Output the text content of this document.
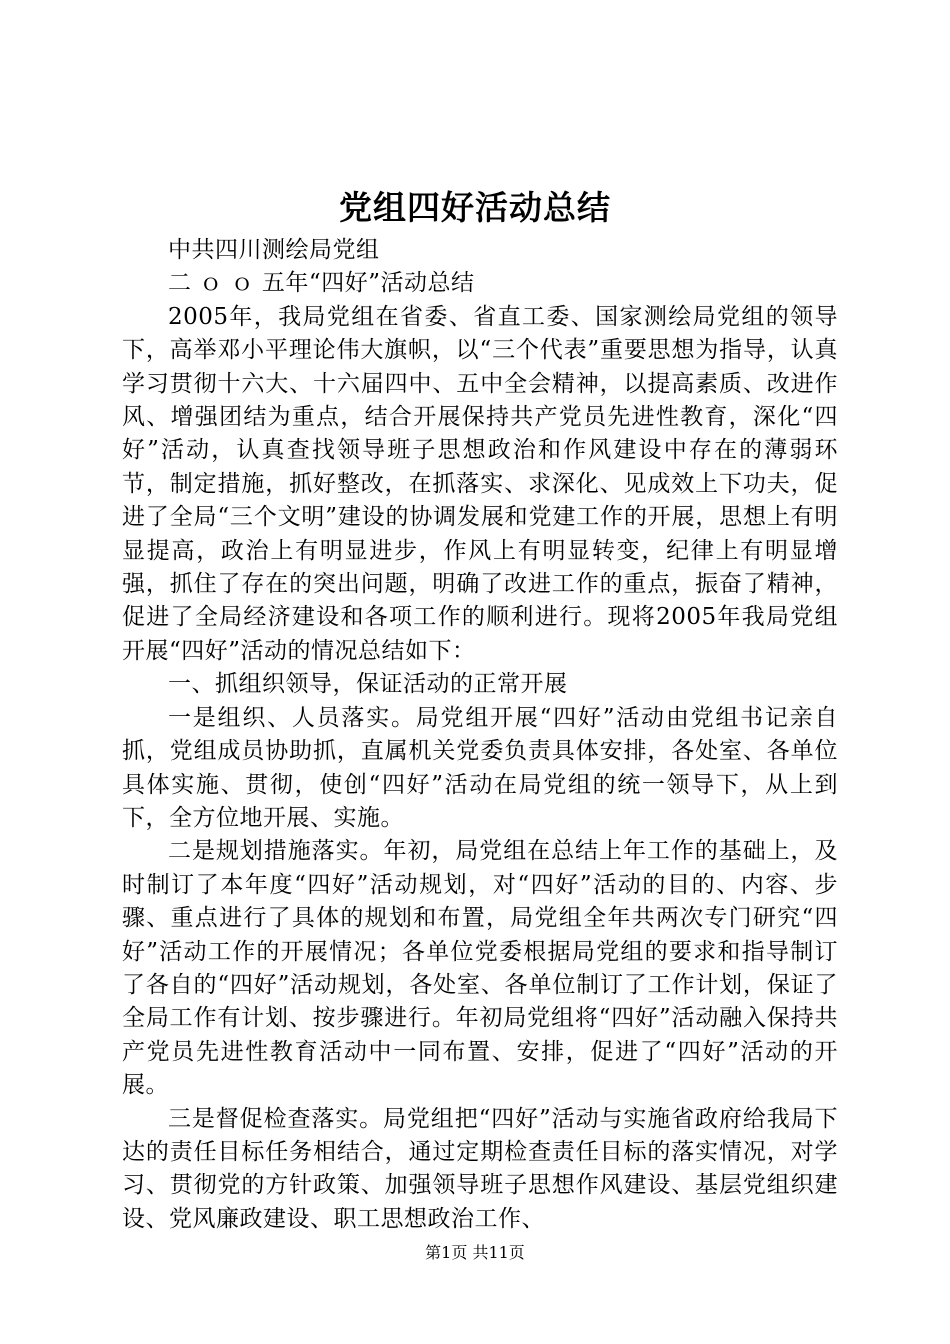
党组四好活动总结

中共四川测绘局党组

二 ｏ ｏ 五年“四好”活动总结

2005年，我局党组在省委、省直工委、国家测绘局党组的领导下，高举邓小平理论伟大旗帜，以“三个代表”重要思想为指导，认真学习贯彻十六大、十六届四中、五中全会精神，以提高素质、改进作风、增强团结为重点，结合开展保持共产党员先进性教育，深化“四好”活动，认真查找领导班子思想政治和作风建设中存在的薄弱环节，制定措施，抓好整改，在抓落实、求深化、见成效上下功夫，促进了全局“三个文明”建设的协调发展和党建工作的开展，思想上有明显提高，政治上有明显进步，作风上有明显转变，纪律上有明显增强，抓住了存在的突出问题，明确了改进工作的重点，振奋了精神，促进了全局经济建设和各项工作的顺利进行。现将2005年我局党组开展“四好”活动的情况总结如下：

一、抓组织领导，保证活动的正常开展

一是组织、人员落实。局党组开展“四好”活动由党组书记亲自抓，党组成员协助抓，直属机关党委负责具体安排，各处室、各单位具体实施、贯彻，使创“四好”活动在局党组的统一领导下，从上到下，全方位地开展、实施。

二是规划措施落实。年初，局党组在总结上年工作的基础上，及时制订了本年度“四好”活动规划，对“四好”活动的目的、内容、步骤、重点进行了具体的规划和布置，局党组全年共两次专门研究“四好”活动工作的开展情况；各单位党委根据局党组的要求和指导制订了各自的“四好”活动规划，各处室、各单位制订了工作计划，保证了全局工作有计划、按步骤进行。年初局党组将“四好”活动融入保持共产党员先进性教育活动中一同布置、安排，促进了“四好”活动的开展。

三是督促检查落实。局党组把“四好”活动与实施省政府给我局下达的责任目标任务相结合，通过定期检查责任目标的落实情况，对学习、贯彻党的方针政策、加强领导班子思想作风建设、基层党组织建设、党风廉政建设、职工思想政治工作、

第1页 共11页
